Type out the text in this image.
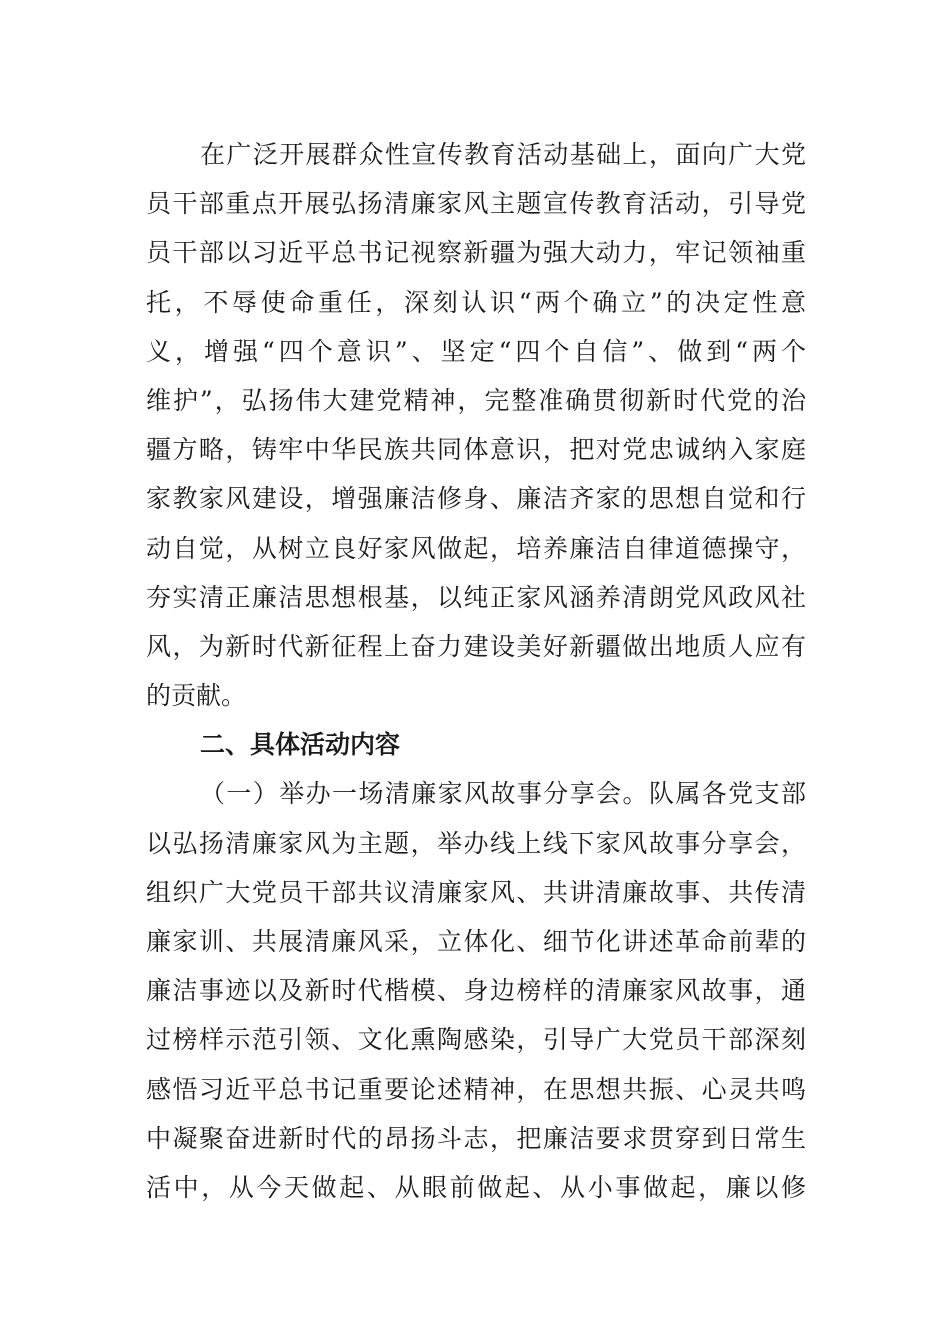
在广泛开展群众性宣传教育活动基础上，面向广大党
员干部重点开展弘扬清廉家风主题宣传教育活动，引导党
员干部以习近平总书记视察新疆为强大动力，牢记领袖重
托，不辱使命重任，深刻认识“两个确立”的决定性意
义，增强“四个意识”、坚定“四个自信”、做到“两个
维护”，弘扬伟大建党精神，完整准确贯彻新时代党的治
疆方略，铸牢中华民族共同体意识，把对党忠诚纳入家庭
家教家风建设，增强廉洁修身、廉洁齐家的思想自觉和行
动自觉，从树立良好家风做起，培养廉洁自律道德操守，
夯实清正廉洁思想根基，以纯正家风涵养清朗党风政风社
风，为新时代新征程上奋力建设美好新疆做出地质人应有
的贡献。
二、具体活动内容
（一）举办一场清廉家风故事分享会。队属各党支部
以弘扬清廉家风为主题，举办线上线下家风故事分享会，
组织广大党员干部共议清廉家风、共讲清廉故事、共传清
廉家训、共展清廉风采，立体化、细节化讲述革命前辈的
廉洁事迹以及新时代楷模、身边榜样的清廉家风故事，通
过榜样示范引领、文化熏陶感染，引导广大党员干部深刻
感悟习近平总书记重要论述精神，在思想共振、心灵共鸣
中凝聚奋进新时代的昂扬斗志，把廉洁要求贯穿到日常生
活中，从今天做起、从眼前做起、从小事做起，廉以修
